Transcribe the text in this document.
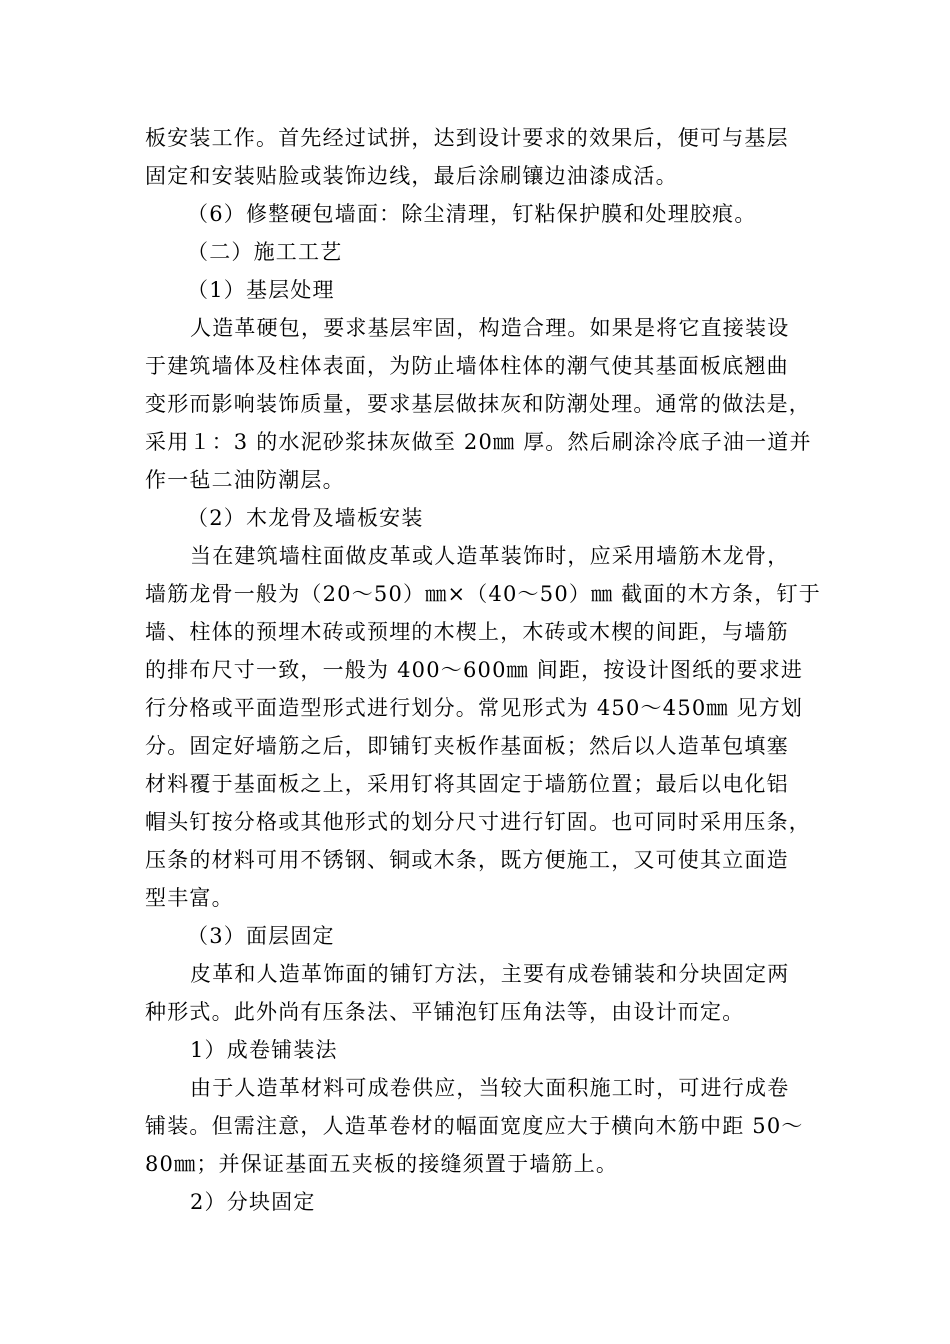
板安装工作。首先经过试拼，达到设计要求的效果后，便可与基层
固定和安装贴脸或装饰边线，最后涂刷镶边油漆成活。
（6）修整硬包墙面：除尘清理，钉粘保护膜和处理胶痕。
（二）施工工艺
（1）基层处理
人造革硬包，要求基层牢固，构造合理。如果是将它直接装设
于建筑墙体及柱体表面，为防止墙体柱体的潮气使其基面板底翘曲
变形而影响装饰质量，要求基层做抹灰和防潮处理。通常的做法是，
采用１：3 的水泥砂浆抹灰做至 20㎜ 厚。然后刷涂冷底子油一道并
作一毡二油防潮层。
（2）木龙骨及墙板安装
当在建筑墙柱面做皮革或人造革装饰时，应采用墙筋木龙骨，
墙筋龙骨一般为（20～50）㎜×（40～50）㎜ 截面的木方条，钉于
墙、柱体的预埋木砖或预埋的木楔上，木砖或木楔的间距，与墙筋
的排布尺寸一致，一般为 400～600㎜ 间距，按设计图纸的要求进
行分格或平面造型形式进行划分。常见形式为 450～450㎜ 见方划
分。固定好墙筋之后，即铺钉夹板作基面板；然后以人造革包填塞
材料覆于基面板之上，采用钉将其固定于墙筋位置；最后以电化铝
帽头钉按分格或其他形式的划分尺寸进行钉固。也可同时采用压条，
压条的材料可用不锈钢、铜或木条，既方便施工，又可使其立面造
型丰富。
（3）面层固定
皮革和人造革饰面的铺钉方法，主要有成卷铺装和分块固定两
种形式。此外尚有压条法、平铺泡钉压角法等，由设计而定。
1）成卷铺装法
由于人造革材料可成卷供应，当较大面积施工时，可进行成卷
铺装。但需注意，人造革卷材的幅面宽度应大于横向木筋中距 50～
80㎜；并保证基面五夹板的接缝须置于墙筋上。
2）分块固定
